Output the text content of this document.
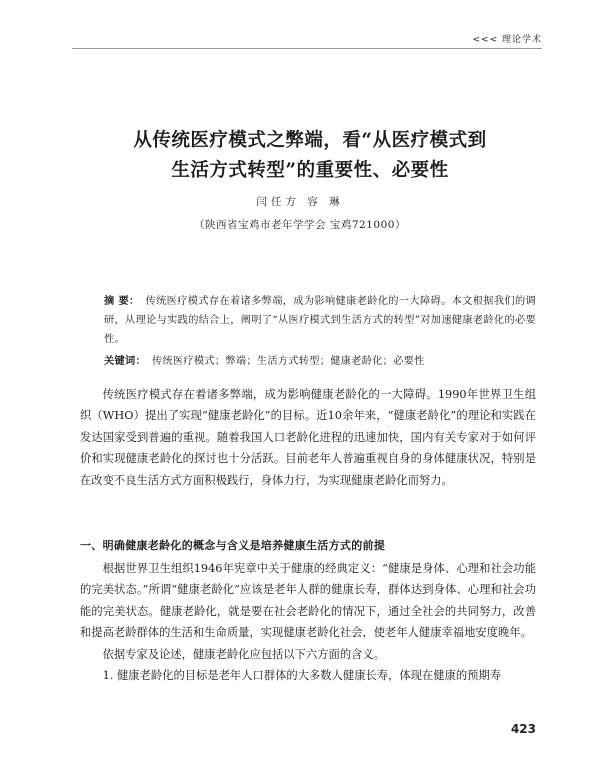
<<< 理论学术
从传统医疗模式之弊端，看“从医疗模式到
生活方式转型”的重要性、必要性
闫任方 容 琳
（陕西省宝鸡市老年学学会 宝鸡721000）
摘 要： 传统医疗模式存在着诸多弊端，成为影响健康老龄化的一大障碍。本文根据我们的调研，从理论与实践的结合上，阐明了“从医疗模式到生活方式的转型”对加速健康老龄化的必要性。
关键词： 传统医疗模式；弊端；生活方式转型；健康老龄化；必要性

传统医疗模式存在着诸多弊端，成为影响健康老龄化的一大障碍。1990年世界卫生组织（WHO）提出了实现“健康老龄化”的目标。近10余年来，“健康老龄化”的理论和实践在发达国家受到普遍的重视。随着我国人口老龄化进程的迅速加快，国内有关专家对于如何评价和实现健康老龄化的探讨也十分活跃。目前老年人普遍重视自身的身体健康状况，特别是在改变不良生活方式方面积极践行，身体力行，为实现健康老龄化而努力。

一、明确健康老龄化的概念与含义是培养健康生活方式的前提

根据世界卫生组织1946年宪章中关于健康的经典定义：“健康是身体、心理和社会功能的完美状态。”所谓“健康老龄化”应该是老年人群的健康长寿，群体达到身体、心理和社会功能的完美状态。健康老龄化，就是要在社会老龄化的情况下，通过全社会的共同努力，改善和提高老龄群体的生活和生命质量，实现健康老龄化社会，使老年人健康幸福地安度晚年。

依据专家及论述，健康老龄化应包括以下六方面的含义。

1. 健康老龄化的目标是老年人口群体的大多数人健康长寿，体现在健康的预期寿

423
